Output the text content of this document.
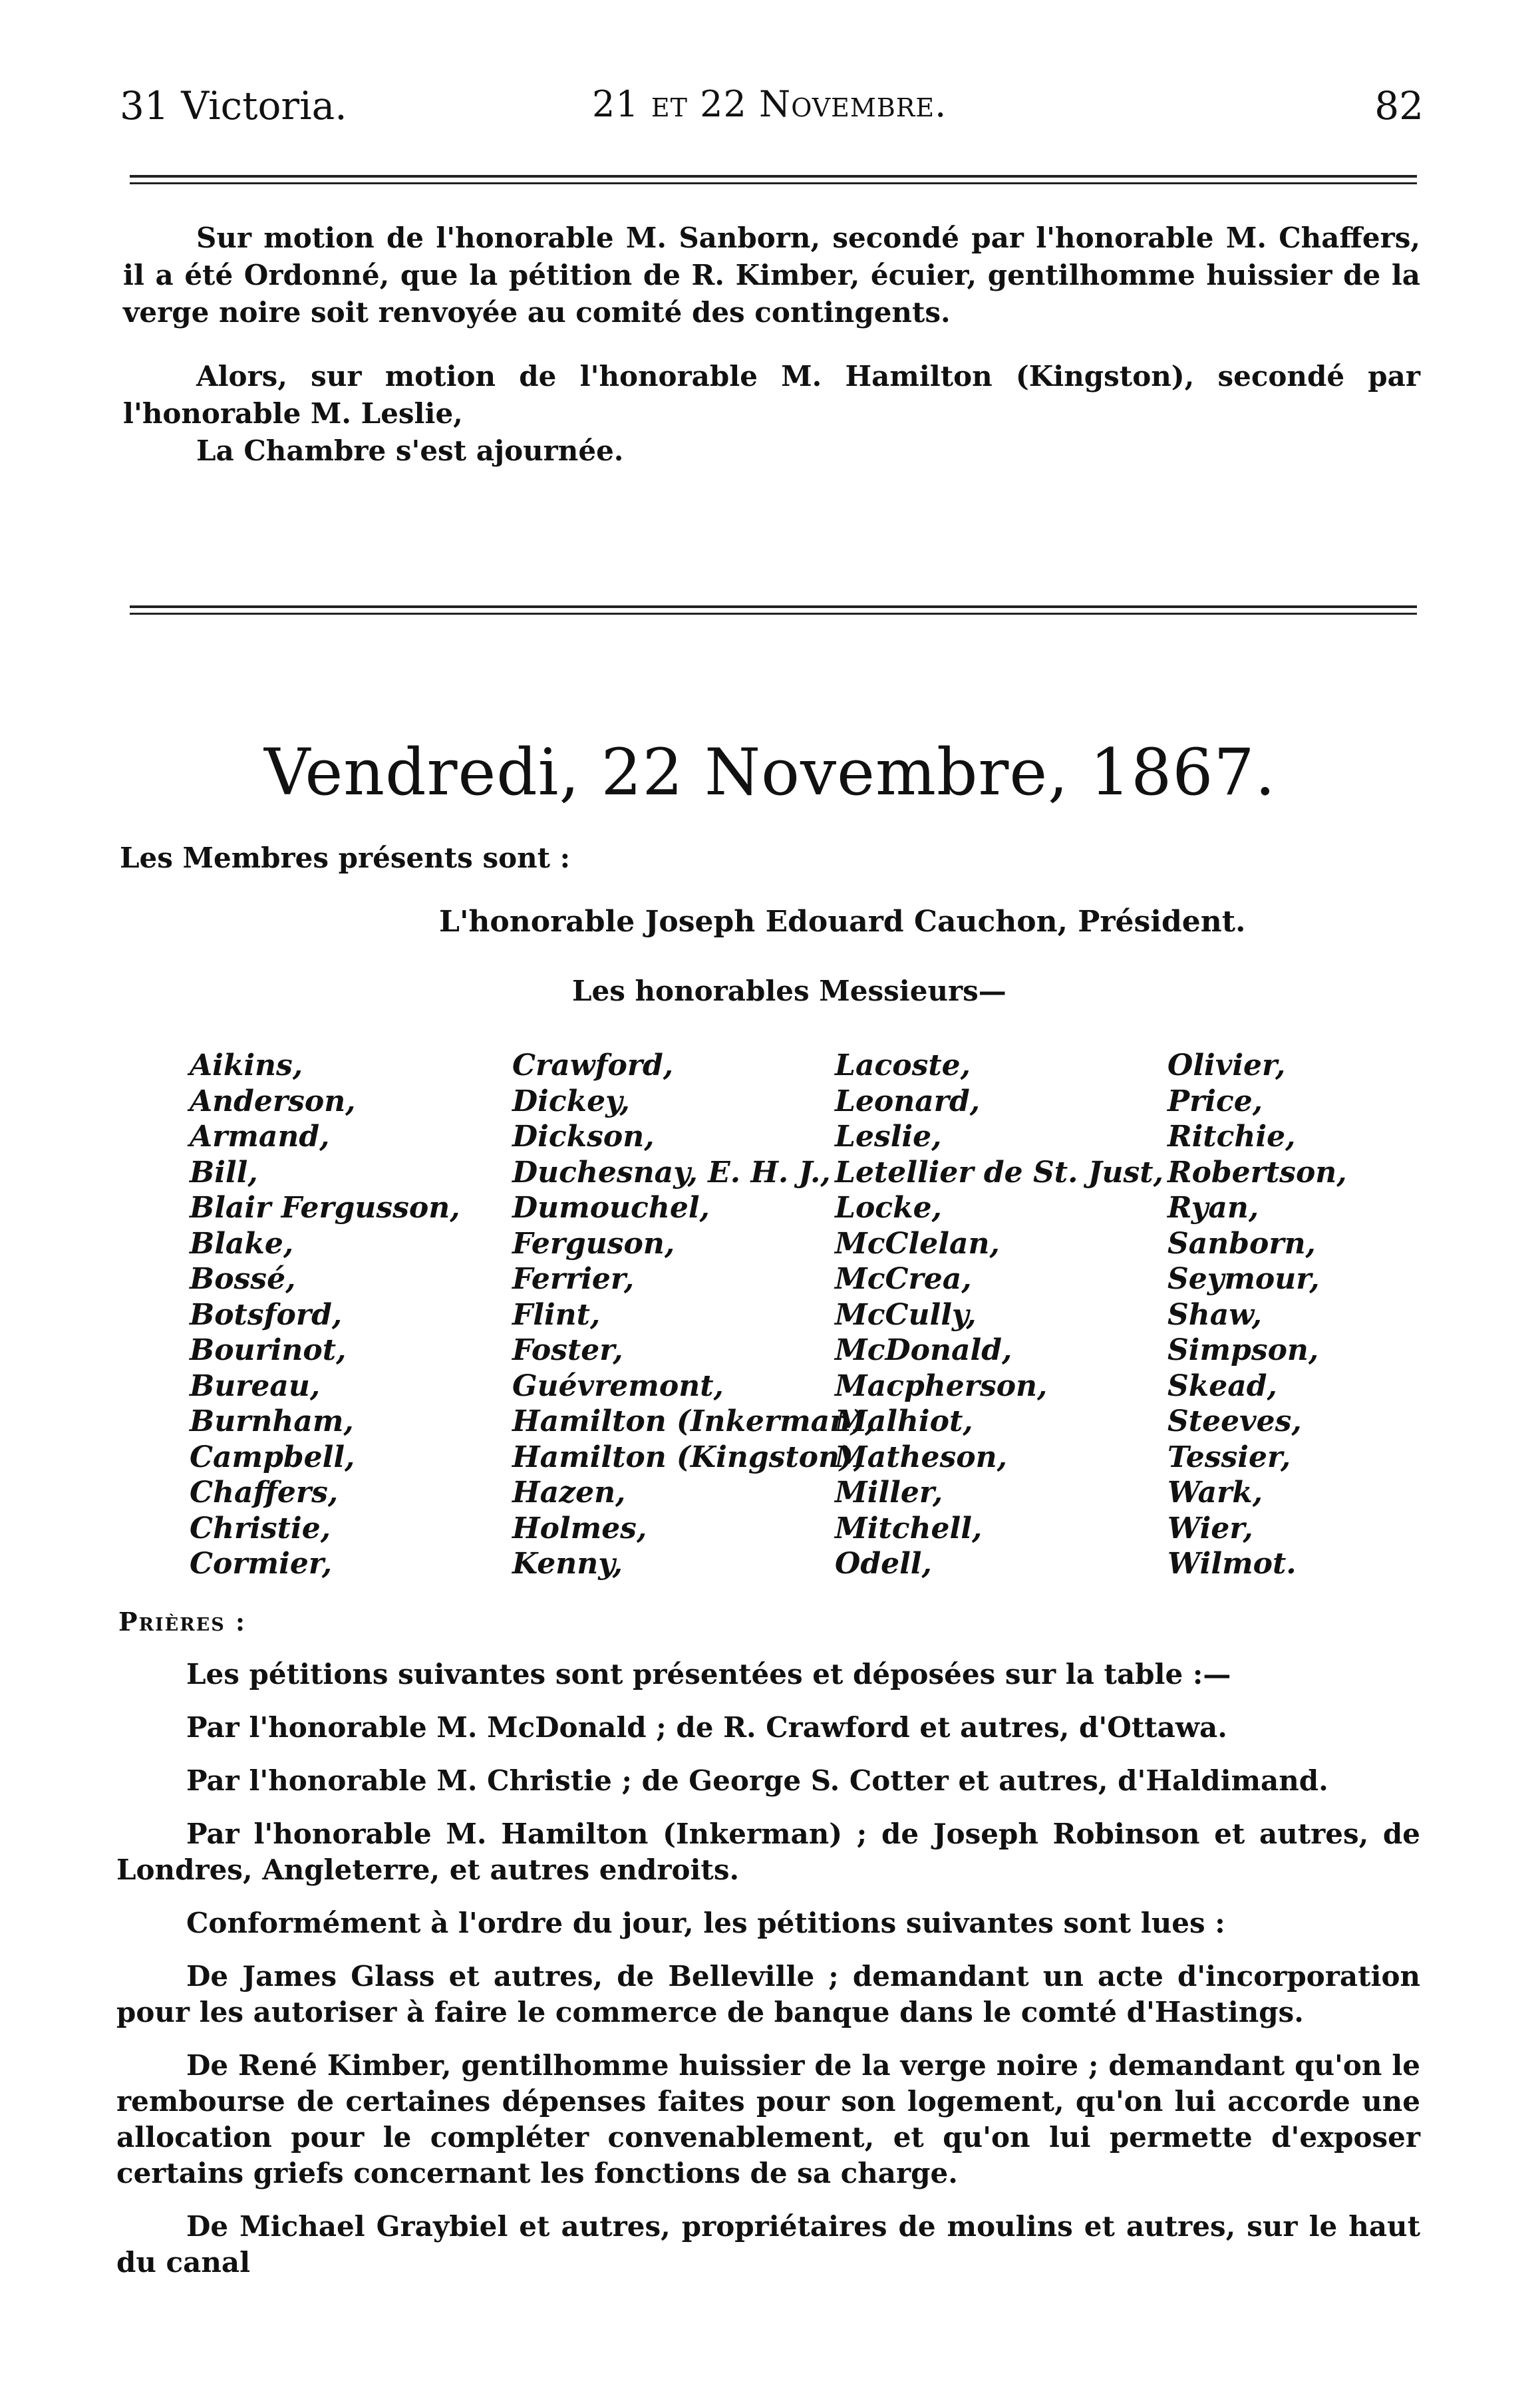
31 Victoria.	21 et 22 Novembre.	82

Sur motion de l'honorable M. Sanborn, secondé par l'honorable M. Chaffers, il a été Ordonné, que la pétition de R. Kimber, écuier, gentilhomme huissier de la verge noire soit renvoyée au comité des contingents.

Alors, sur motion de l'honorable M. Hamilton (Kingston), secondé par l'honorable M. Leslie,

La Chambre s'est ajournée.

Vendredi, 22 Novembre, 1867.
Les Membres présents sont :
L'honorable Joseph Edouard Cauchon, Président.
Les honorables Messieurs—
Aikins,
Anderson,
Armand,
Bill,
Blair Fergusson,
Blake,
Bossé,
Botsford,
Bourinot,
Bureau,
Burnham,
Campbell,
Chaffers,
Christie,
Cormier,
Crawford,
Dickey,
Dickson,
Duchesnay, E. H. J.,
Dumouchel,
Ferguson,
Ferrier,
Flint,
Foster,
Guévremont,
Hamilton (Inkerman),
Hamilton (Kingston),
Hazen,
Holmes,
Kenny,
Lacoste,
Leonard,
Leslie,
Letellier de St. Just,
Locke,
McClelan,
McCrea,
McCully,
McDonald,
Macpherson,
Malhiot,
Matheson,
Miller,
Mitchell,
Odell,
Olivier,
Price,
Ritchie,
Robertson,
Ryan,
Sanborn,
Seymour,
Shaw,
Simpson,
Skead,
Steeves,
Tessier,
Wark,
Wier,
Wilmot.
Prières :

Les pétitions suivantes sont présentées et déposées sur la table :—

Par l'honorable M. McDonald ; de R. Crawford et autres, d'Ottawa.

Par l'honorable M. Christie ; de George S. Cotter et autres, d'Haldimand.

Par l'honorable M. Hamilton (Inkerman) ; de Joseph Robinson et autres, de Londres, Angleterre, et autres endroits.

Conformément à l'ordre du jour, les pétitions suivantes sont lues :

De James Glass et autres, de Belleville ; demandant un acte d'incorporation pour les autoriser à faire le commerce de banque dans le comté d'Hastings.

De René Kimber, gentilhomme huissier de la verge noire ; demandant qu'on le rembourse de certaines dépenses faites pour son logement, qu'on lui accorde une allocation pour le compléter convenablement, et qu'on lui permette d'exposer certains griefs concernant les fonctions de sa charge.

De Michael Graybiel et autres, propriétaires de moulins et autres, sur le haut du canal
